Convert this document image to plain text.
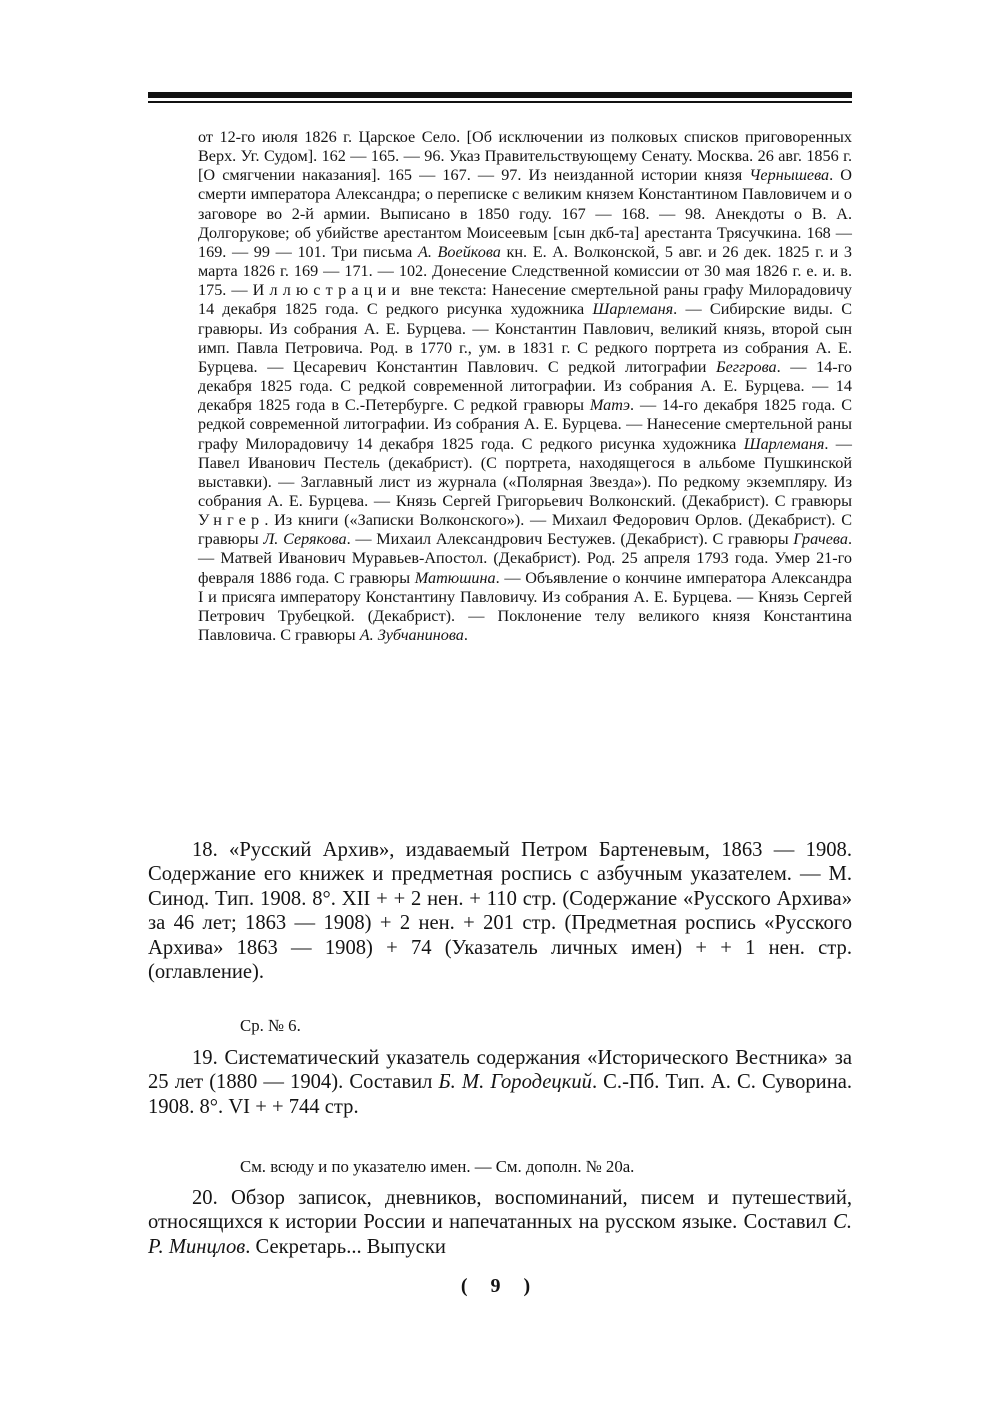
от 12-го июля 1826 г. Царское Село. [Об исключении из полковых списков приговоренных Верх. Уг. Судом]. 162 — 165. — 96. Указ Правительствующему Сенату. Москва. 26 авг. 1856 г. [О смягчении наказания]. 165 — 167. — 97. Из неизданной истории князя Чернышева. О смерти императора Александра; о переписке с великим князем Константином Павловичем и о заговоре во 2-й армии. Выписано в 1850 году. 167 — 168. — 98. Анекдоты о В. А. Долгорукове; об убийстве арестантом Моисеевым [сын дкб-та] арестанта Трясучкина. 168 — 169. — 99 — 101. Три письма А. Воейкова кн. Е. А. Волконской, 5 авг. и 26 дек. 1825 г. и 3 марта 1826 г. 169 — 171. — 102. Донесение Следственной комиссии от 30 мая 1826 г. е. и. в. 175. — Иллюстрации вне текста: Нанесение смертельной раны графу Милорадовичу 14 декабря 1825 года. С редкого рисунка художника Шарлеманя. — Сибирские виды. С гравюры. Из собрания А. Е. Бурцева. — Константин Павлович, великий князь, второй сын имп. Павла Петровича. Род. в 1770 г., ум. в 1831 г. С редкого портрета из собрания А. Е. Бурцева. — Цесаревич Константин Павлович. С редкой литографии Беггрова. — 14-го декабря 1825 года. С редкой современной литографии. Из собрания А. Е. Бурцева. — 14 декабря 1825 года в С.-Петербурге. С редкой гравюры Матэ. — 14-го декабря 1825 года. С редкой современной литографии. Из собрания А. Е. Бурцева. — Нанесение смертельной раны графу Милорадовичу 14 декабря 1825 года. С редкого рисунка художника Шарлеманя. — Павел Иванович Пестель (декабрист). (С портрета, находящегося в альбоме Пушкинской выставки). — Заглавный лист из журнала («Полярная Звезда»). По редкому экземпляру. Из собрания А. Е. Бурцева. — Князь Сергей Григорьевич Волконский. (Декабрист). С гравюры Унгер. Из книги («Записки Волконского»). — Михаил Федорович Орлов. (Декабрист). С гравюры Л. Серякова. — Михаил Александрович Бестужев. (Декабрист). С гравюры Грачева. — Матвей Иванович Муравьев-Апостол. (Декабрист). Род. 25 апреля 1793 года. Умер 21-го февраля 1886 года. С гравюры Матюшина. — Объявление о кончине императора Александра I и присяга императору Константину Павловичу. Из собрания А. Е. Бурцева. — Князь Сергей Петрович Трубецкой. (Декабрист). — Поклонение телу великого князя Константина Павловича. С гравюры А. Зубчанинова.

18. «Русский Архив», издаваемый Петром Бартеневым, 1863 — 1908. Содержание его книжек и предметная роспись с азбучным указателем. — М. Синод. Тип. 1908. 8°. XII + + 2 нен. + 110 стр. (Содержание «Русского Архива» за 46 лет; 1863 — 1908) + 2 нен. + 201 стр. (Предметная роспись «Русского Архива» 1863 — 1908) + 74 (Указатель личных имен) + + 1 нен. стр. (оглавление).

Ср. № 6.

19. Систематический указатель содержания «Исторического Вестника» за 25 лет (1880 — 1904). Составил Б. М. Городецкий. С.-Пб. Тип. А. С. Суворина. 1908. 8°. VI + + 744 стр.

См. всюду и по указателю имен. — См. дополн. № 20а.

20. Обзор записок, дневников, воспоминаний, писем и путешествий, относящихся к истории России и напечатанных на русском языке. Составил С. Р. Минцлов. Секретарь... Выпуски

( 9 )
